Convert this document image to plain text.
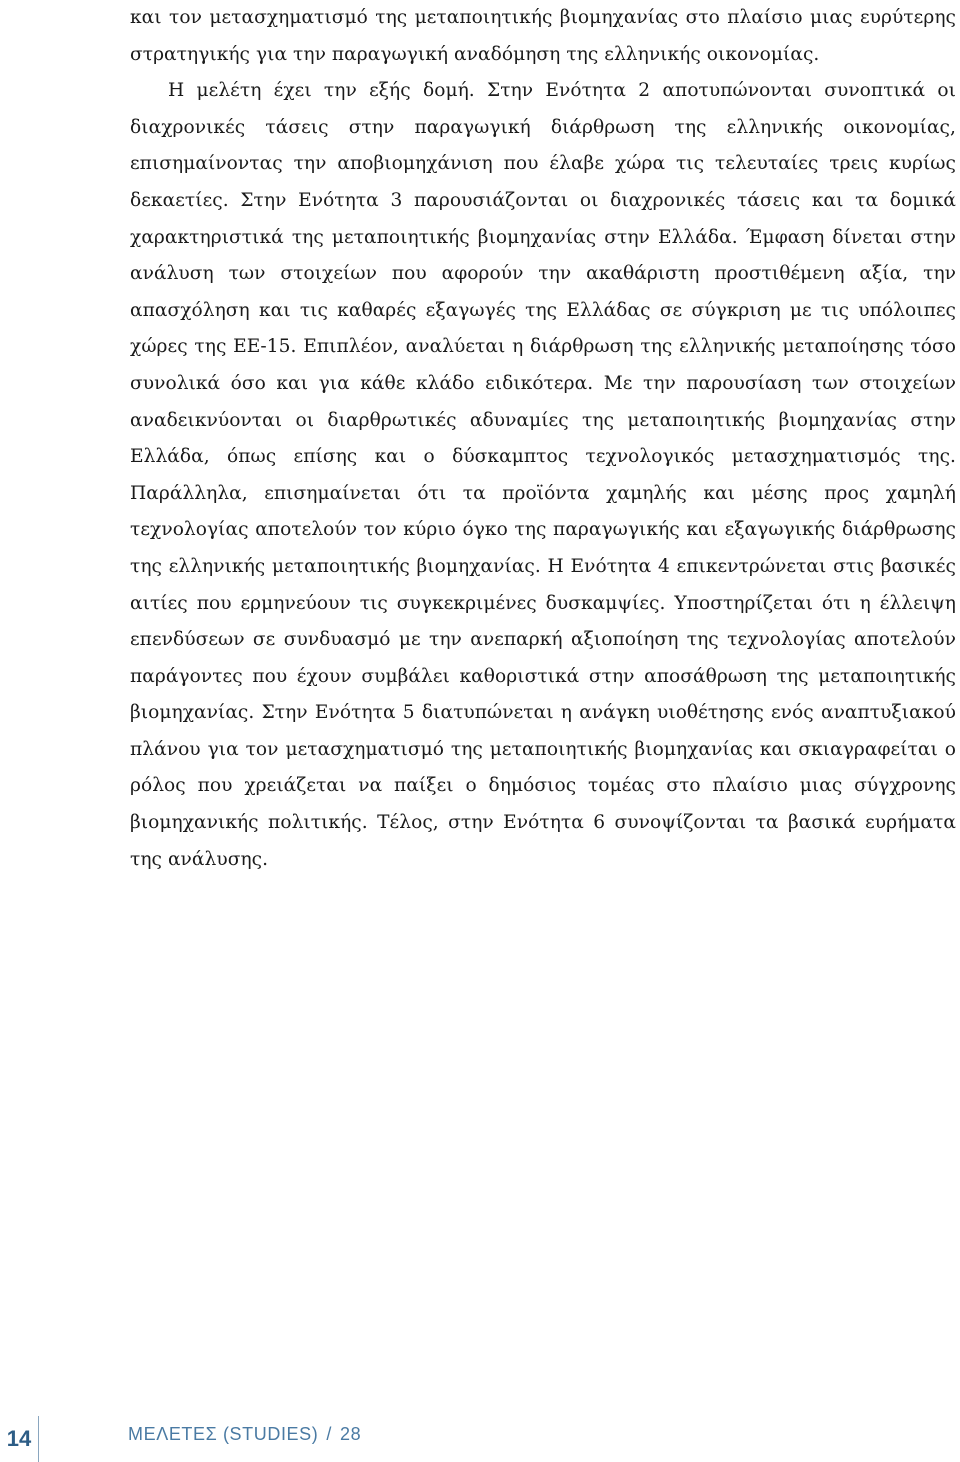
και τον μετασχηματισμό της μεταποιητικής βιομηχανίας στο πλαίσιο μιας ευρύτερης στρατηγικής για την παραγωγική αναδόμηση της ελληνικής οικονομίας.

Η μελέτη έχει την εξής δομή. Στην Ενότητα 2 αποτυπώνονται συνοπτικά οι διαχρονικές τάσεις στην παραγωγική διάρθρωση της ελληνικής οικονομίας, επισημαίνοντας την αποβιομηχάνιση που έλαβε χώρα τις τελευταίες τρεις κυρίως δεκαετίες. Στην Ενότητα 3 παρουσιάζονται οι διαχρονικές τάσεις και τα δομικά χαρακτηριστικά της μεταποιητικής βιομηχανίας στην Ελλάδα. Έμφαση δίνεται στην ανάλυση των στοιχείων που αφορούν την ακαθάριστη προστιθέμενη αξία, την απασχόληση και τις καθαρές εξαγωγές της Ελλάδας σε σύγκριση με τις υπόλοιπες χώρες της ΕΕ-15. Επιπλέον, αναλύεται η διάρθρωση της ελληνικής μεταποίησης τόσο συνολικά όσο και για κάθε κλάδο ειδικότερα. Με την παρουσίαση των στοιχείων αναδεικνύονται οι διαρθρωτικές αδυναμίες της μεταποιητικής βιομηχανίας στην Ελλάδα, όπως επίσης και ο δύσκαμπτος τεχνολογικός μετασχηματισμός της. Παράλληλα, επισημαίνεται ότι τα προϊόντα χαμηλής και μέσης προς χαμηλή τεχνολογίας αποτελούν τον κύριο όγκο της παραγωγικής και εξαγωγικής διάρθρωσης της ελληνικής μεταποιητικής βιομηχανίας. Η Ενότητα 4 επικεντρώνεται στις βασικές αιτίες που ερμηνεύουν τις συγκεκριμένες δυσκαμψίες. Υποστηρίζεται ότι η έλλειψη επενδύσεων σε συνδυασμό με την ανεπαρκή αξιοποίηση της τεχνολογίας αποτελούν παράγοντες που έχουν συμβάλει καθοριστικά στην αποσάθρωση της μεταποιητικής βιομηχανίας. Στην Ενότητα 5 διατυπώνεται η ανάγκη υιοθέτησης ενός αναπτυξιακού πλάνου για τον μετασχηματισμό της μεταποιητικής βιομηχανίας και σκιαγραφείται ο ρόλος που χρειάζεται να παίξει ο δημόσιος τομέας στο πλαίσιο μιας σύγχρονης βιομηχανικής πολιτικής. Τέλος, στην Ενότητα 6 συνοψίζονται τα βασικά ευρήματα της ανάλυσης.

14	ΜΕΛΕΤΕΣ (STUDIES) / 28
